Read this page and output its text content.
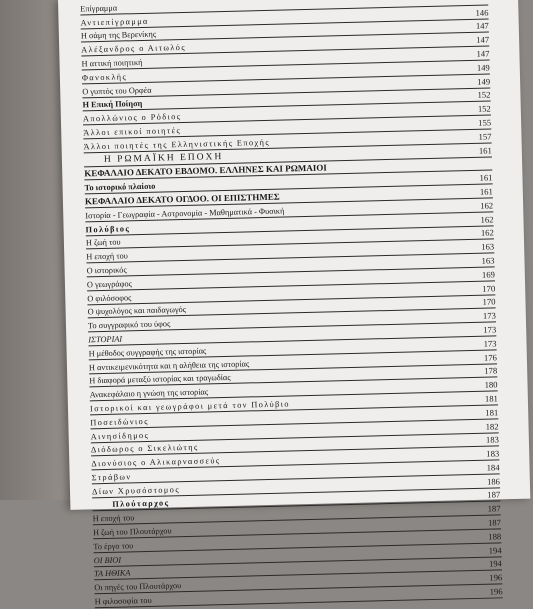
Επίγραμμα
Αντιεπίγραμμα
146
Η σάμη της Βερενίκης
147
Αλέξανδρος ο Αιτωλός
147
Η αττική ποιητική
147
Φανοκλής
149
Ο γυπτός του Ορφέα
149
Η Επική Ποίηση
152
Απολλώνιος ο Ρόδιος
152
Άλλοι επικοί ποιητές
155
Άλλοι ποιητές της Ελληνιστικής Εποχής
157
Η ΡΩΜΑΪΚΗ ΕΠΟΧΗ
161
ΚΕΦΑΛΑΙΟ ΔΕΚΑΤΟ ΕΒΔΟΜΟ. ΕΛΛΗΝΕΣ ΚΑΙ ΡΩΜΑΙΟΙ
Το ιστορικό πλαίσιο
161
ΚΕΦΑΛΑΙΟ ΔΕΚΑΤΟ ΟΓΔΟΟ. ΟΙ ΕΠΙΣΤΗΜΕΣ
161
Ιστορία - Γεωγραφία - Αστρονομία - Μαθηματικά - Φυσική
162
Πολύβιος
162
Η ζωή του
162
Η εποχή του
163
Ο ιστορικός
163
Ο γεωγράφος
169
Ο φιλόσοφος
170
Ο ψυχολόγος και παιδαγωγός
170
Το συγγραφικό του ύφος
173
ΙΣΤΟΡΙΑΙ
173
Η μέθοδος συγγραφής της ιστορίας
173
Η αντικειμενικότητα και η αλήθεια της ιστορίας
176
Η διαφορά μεταξύ ιστορίας και τραγωδίας
178
Ανακεφάλαιο η γνώση της ιστορίας
180
Ιστορικοί και γεωγράφοι μετά τον Πολύβιο
181
Ποσειδώνιος
181
Αινησίδημος
182
Διόδωρος ο Σικελιώτης
183
Διονύσιος ο Αλικαρνασσεύς
183
Στράβων
184
Δίων Χρυσόστομος
186
Πλούταρχος
187
Η εποχή του
187
Η ζωή του Πλουτάρχου
187
Το έργο του
188
ΟΙ ΒΙΟΙ
194
ΤΑ ΗΘΙΚΑ
194
Οι πηγές του Πλουτάρχου
196
Η φιλοσοφία του
196
